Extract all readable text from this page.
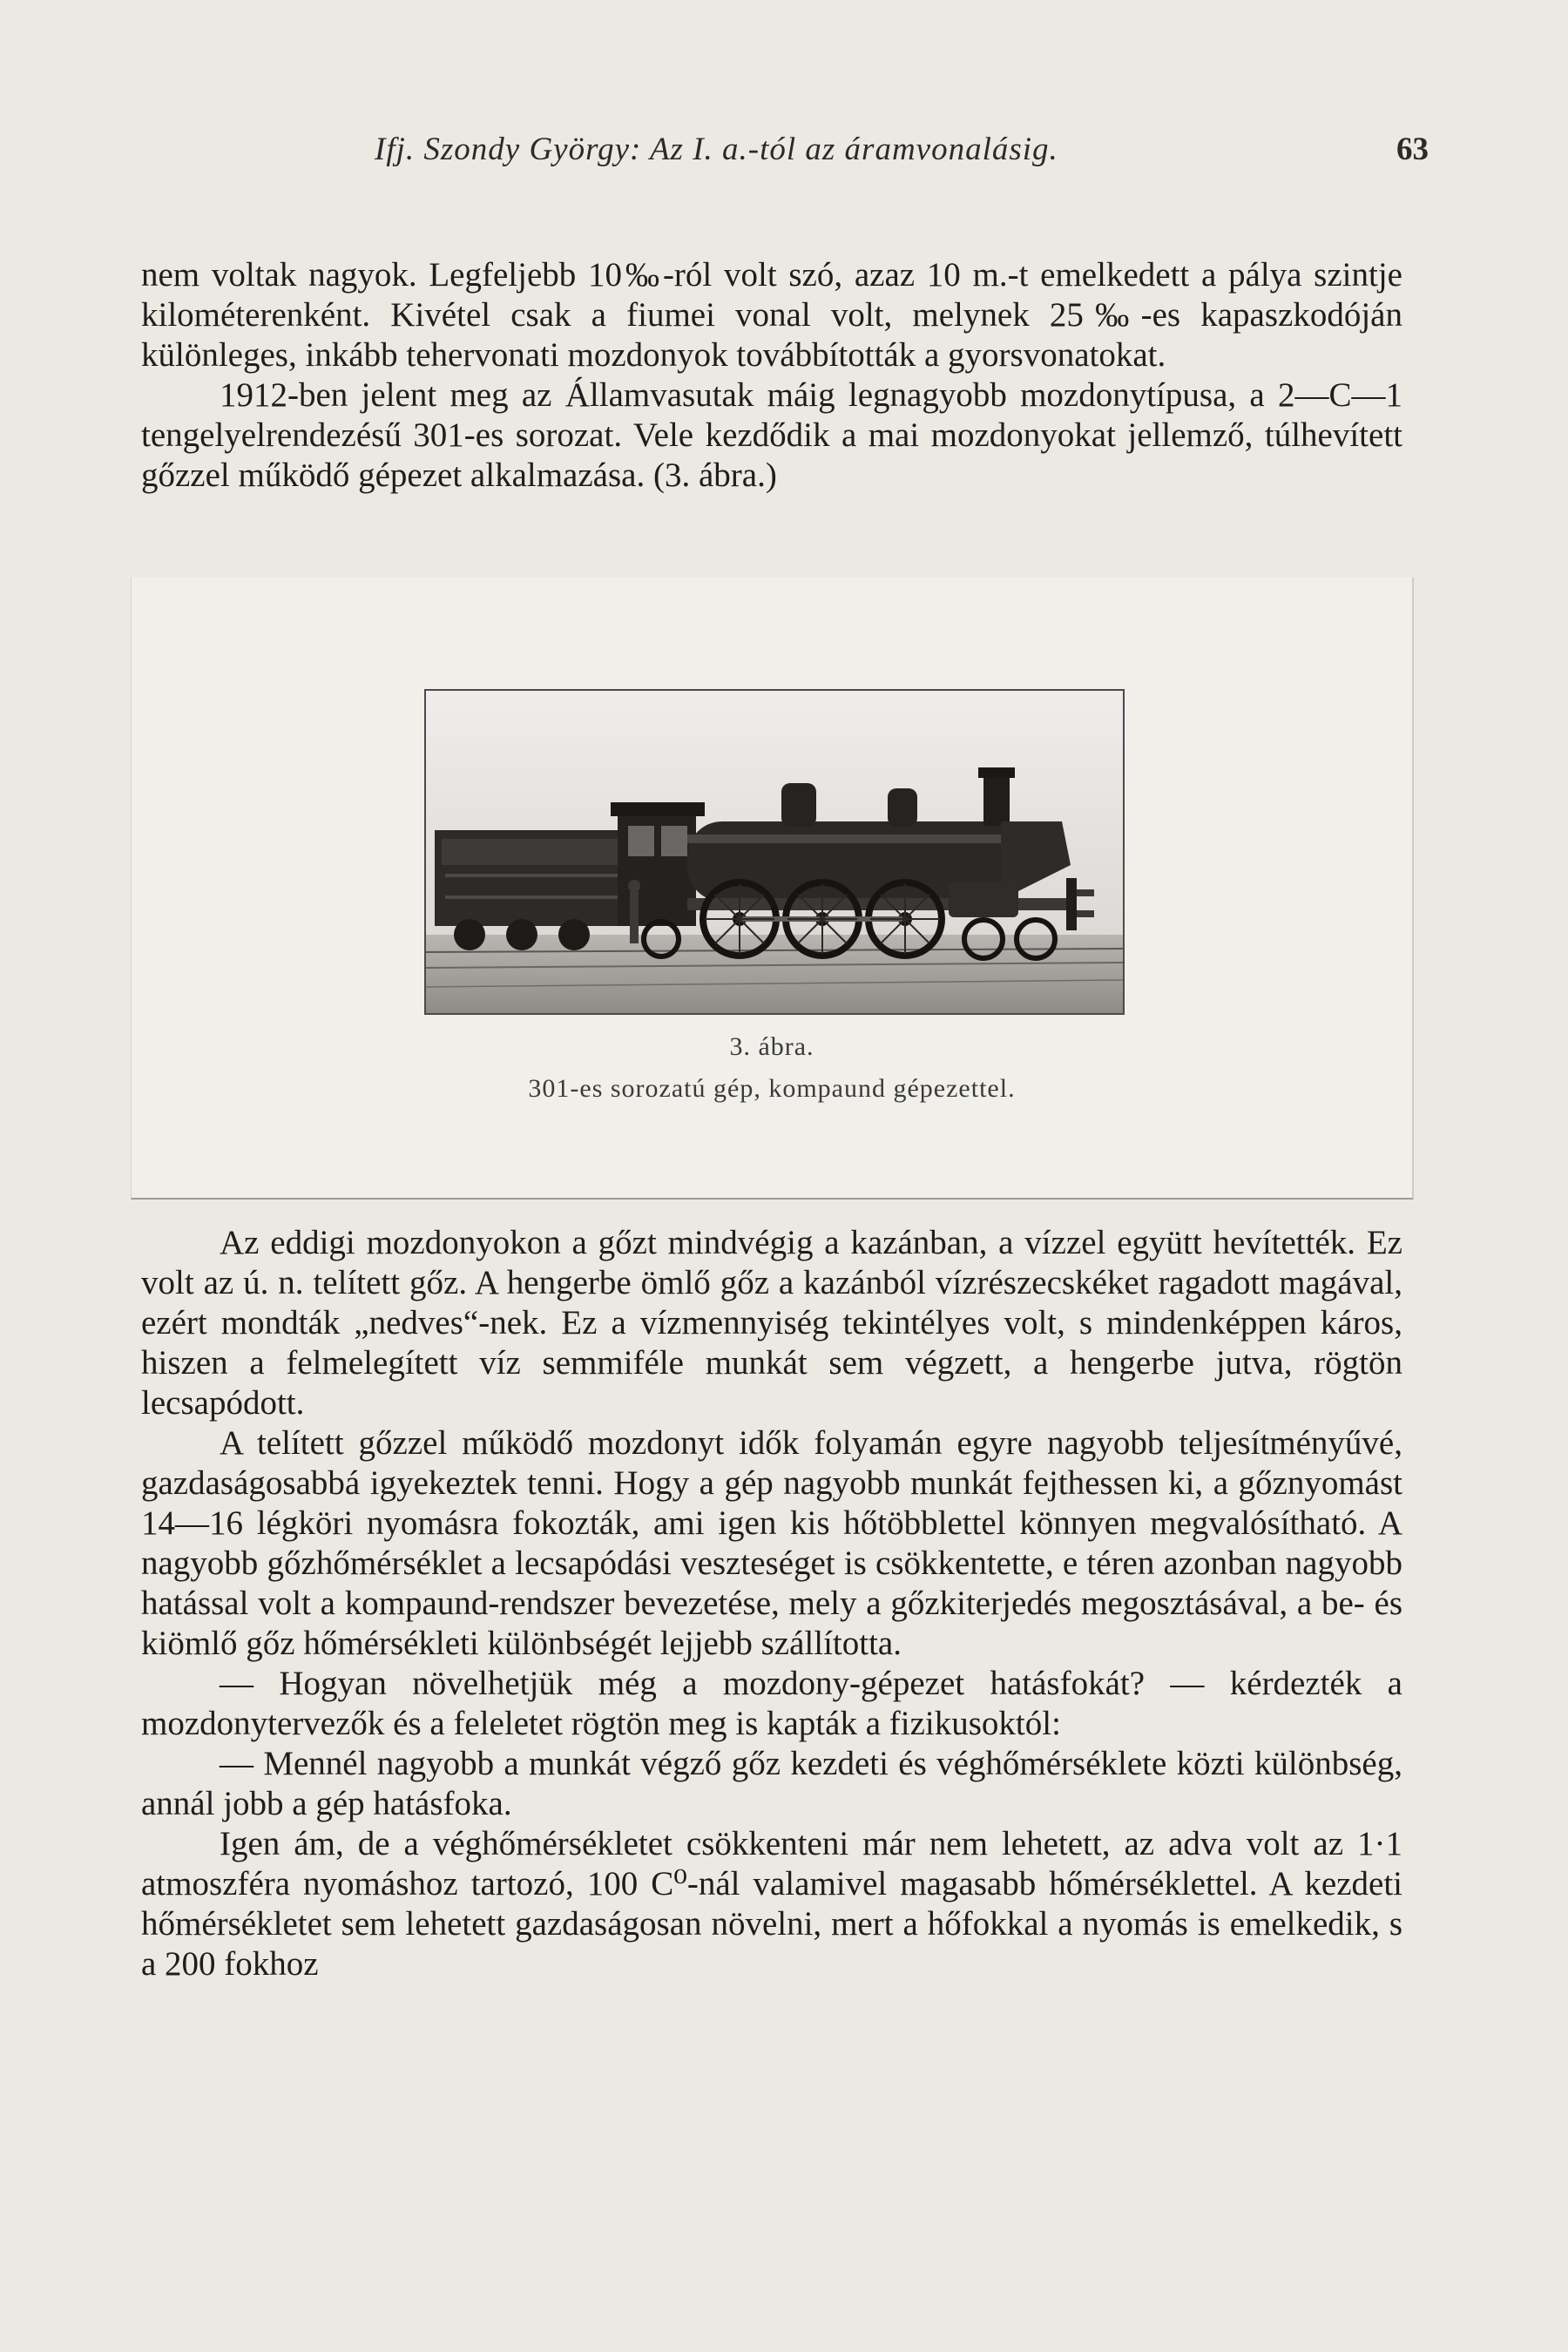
Ifj. Szondy György: Az I. a.-tól az áramvonalásig.	63

nem voltak nagyok. Legfeljebb 10‰-ról volt szó, azaz 10 m.-t emelkedett a pálya szintje kilométerenként. Kivétel csak a fiumei vonal volt, melynek 25‰-es kapaszkodóján különleges, inkább tehervonati mozdonyok továbbították a gyorsvonatokat.

1912-ben jelent meg az Államvasutak máig legnagyobb mozdonytípusa, a 2—C—1 tengelyelrendezésű 301-es sorozat. Vele kezdődik a mai mozdonyokat jellemző, túlhevített gőzzel működő gépezet alkalmazása. (3. ábra.)

3. ábra.
301-es sorozatú gép, kompaund gépezettel.

Az eddigi mozdonyokon a gőzt mindvégig a kazánban, a vízzel együtt hevítették. Ez volt az ú. n. telített gőz. A hengerbe ömlő gőz a kazánból vízrészecskéket ragadott magával, ezért mondták „nedves“-nek. Ez a vízmennyiség tekintélyes volt, s mindenképpen káros, hiszen a felmelegített víz semmiféle munkát sem végzett, a hengerbe jutva, rögtön lecsapódott.

A telített gőzzel működő mozdonyt idők folyamán egyre nagyobb teljesítményűvé, gazdaságosabbá igyekeztek tenni. Hogy a gép nagyobb munkát fejthessen ki, a gőznyomást 14—16 légköri nyomásra fokozták, ami igen kis hőtöbblettel könnyen megvalósítható. A nagyobb gőzhőmérséklet a lecsapódási veszteséget is csökkentette, e téren azonban nagyobb hatással volt a kompaund-rendszer bevezetése, mely a gőzkiterjedés megosztásával, a be- és kiömlő gőz hőmérsékleti különbségét lejjebb szállította.

— Hogyan növelhetjük még a mozdony-gépezet hatásfokát? — kérdezték a mozdonytervezők és a feleletet rögtön meg is kapták a fizikusoktól:

— Mennél nagyobb a munkát végző gőz kezdeti és véghőmérséklete közti különbség, annál jobb a gép hatásfoka.

Igen ám, de a véghőmérsékletet csökkenteni már nem lehetett, az adva volt az 1·1 atmoszféra nyomáshoz tartozó, 100 C⁰-nál valamivel magasabb hőmérséklettel. A kezdeti hőmérsékletet sem lehetett gazdaságosan növelni, mert a hőfokkal a nyomás is emelkedik, s a 200 fokhoz
